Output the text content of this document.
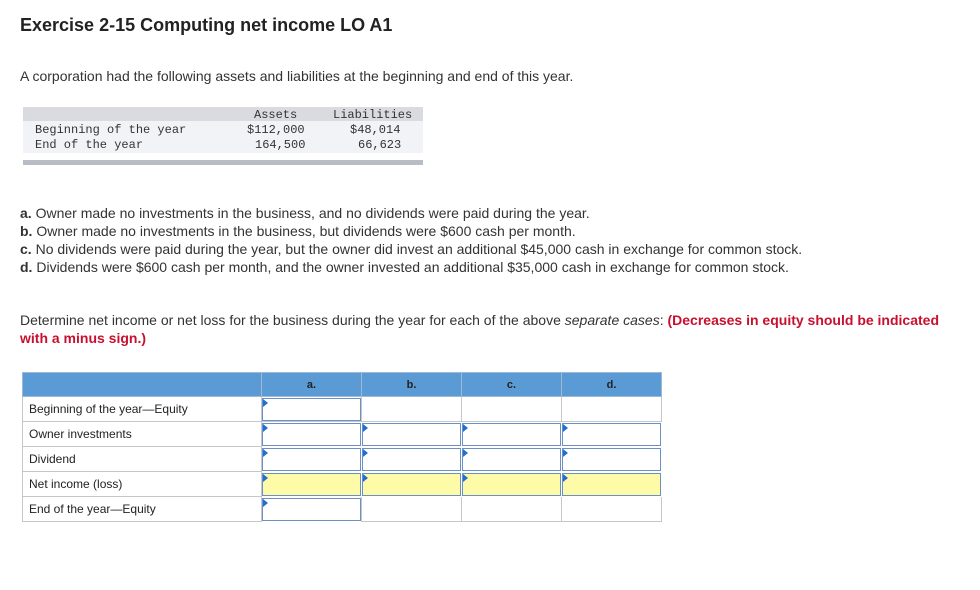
Exercise 2-15 Computing net income LO A1
A corporation had the following assets and liabilities at the beginning and end of this year.
Assets	Liabilities
Beginning of the year	$112,000	$48,014
End of the year	164,500	66,623
a. Owner made no investments in the business, and no dividends were paid during the year.
b. Owner made no investments in the business, but dividends were $600 cash per month.
c. No dividends were paid during the year, but the owner did invest an additional $45,000 cash in exchange for common stock.
d. Dividends were $600 cash per month, and the owner invested an additional $35,000 cash in exchange for common stock.
Determine net income or net loss for the business during the year for each of the above separate cases: (Decreases in equity should be indicated with a minus sign.)
a.	b.	c.	d.
Beginning of the year—Equity
Owner investments
Dividend
Net income (loss)
End of the year—Equity
